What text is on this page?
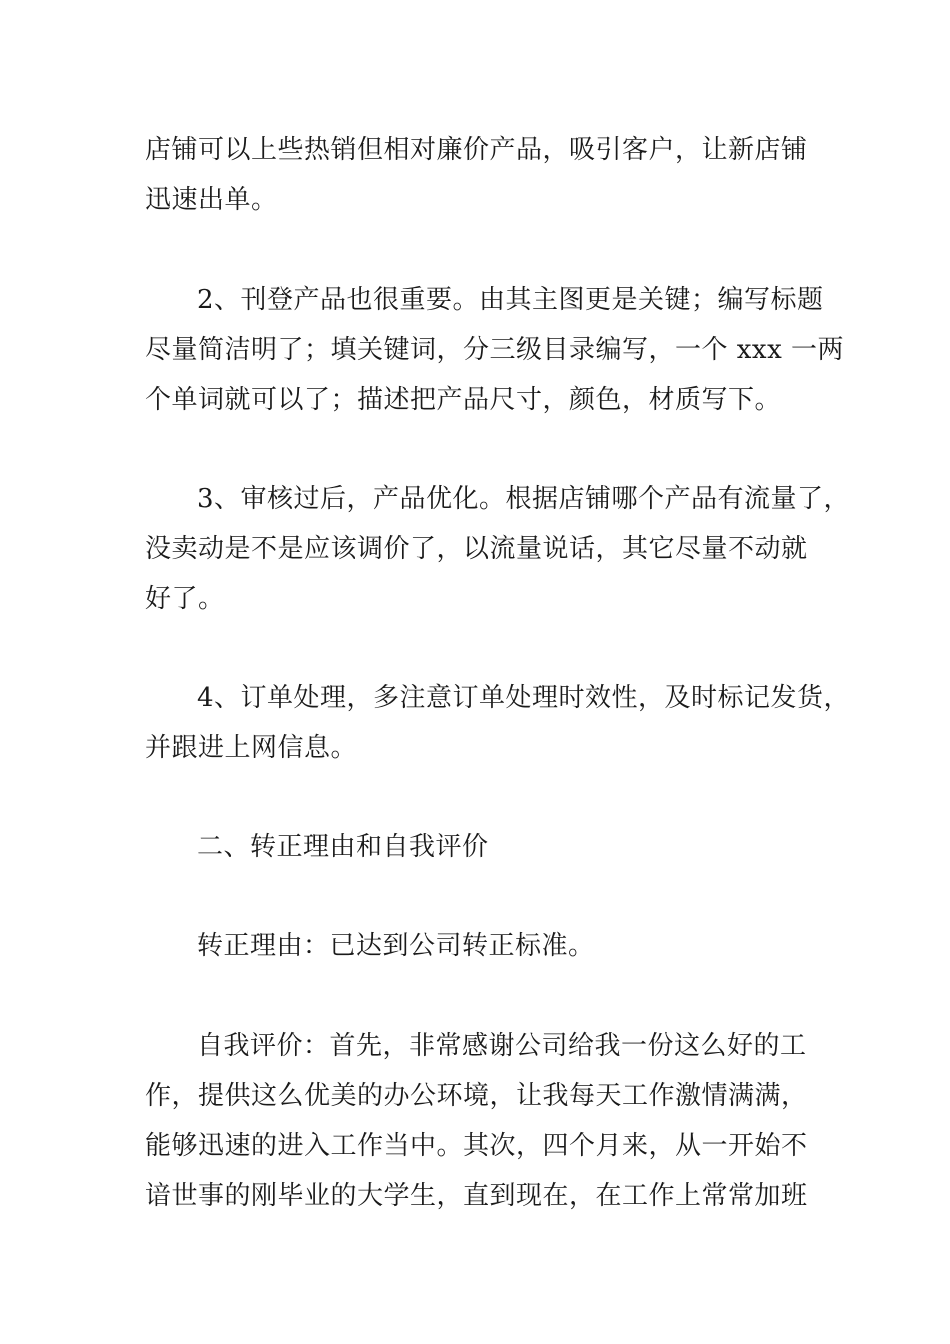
店铺可以上些热销但相对廉价产品，吸引客户，让新店铺

迅速出单。

2、刊登产品也很重要。由其主图更是关键；编写标题

尽量简洁明了；填关键词，分三级目录编写，一个 xxx 一两

个单词就可以了；描述把产品尺寸，颜色，材质写下。

3、审核过后，产品优化。根据店铺哪个产品有流量了，

没卖动是不是应该调价了，以流量说话，其它尽量不动就

好了。

4、订单处理，多注意订单处理时效性，及时标记发货，

并跟进上网信息。

二、转正理由和自我评价

转正理由：已达到公司转正标准。

自我评价：首先，非常感谢公司给我一份这么好的工

作，提供这么优美的办公环境，让我每天工作激情满满，

能够迅速的进入工作当中。其次，四个月来，从一开始不

谙世事的刚毕业的大学生，直到现在，在工作上常常加班
